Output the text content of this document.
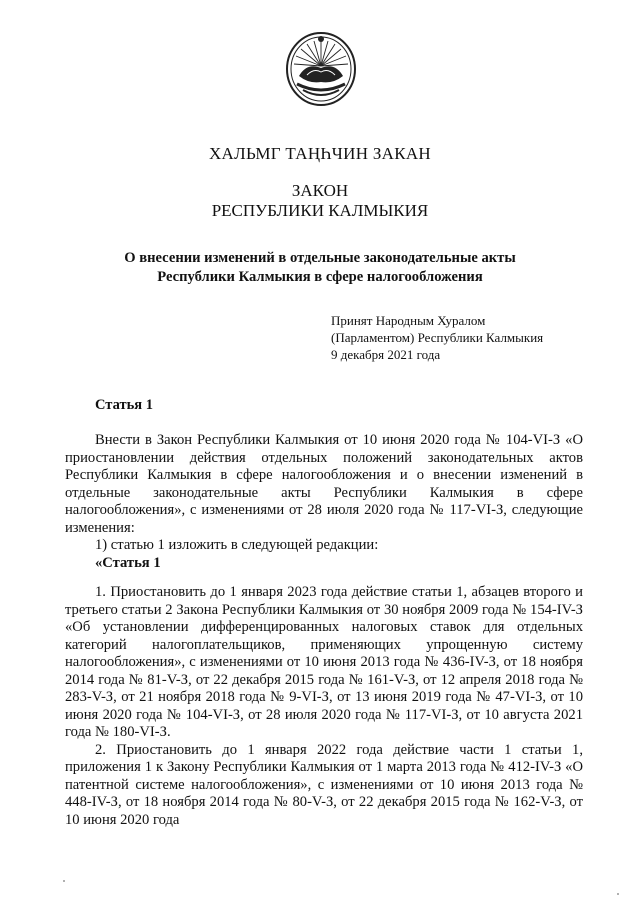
ХАЛЬМГ ТАҢҺЧИН ЗАКАН
ЗАКОН
РЕСПУБЛИКИ КАЛМЫКИЯ
О внесении изменений в отдельные законодательные акты
Республики Калмыкия в сфере налогообложения
Принят Народным Хуралом
(Парламентом) Республики Калмыкия
9 декабря 2021 года
Статья 1

Внести в Закон Республики Калмыкия от 10 июня 2020 года № 104-VI-З «О приостановлении действия отдельных положений законодательных актов Республики Калмыкия в сфере налогообложения и о внесении изменений в отдельные законодательные акты Республики Калмыкия в сфере налогообложения», с изменениями от 28 июля 2020 года № 117-VI-З, следующие изменения:

1) статью 1 изложить в следующей редакции:

«Статья 1

1. Приостановить до 1 января 2023 года действие статьи 1, абзацев второго и третьего статьи 2 Закона Республики Калмыкия от 30 ноября 2009 года № 154-IV-З «Об установлении дифференцированных налоговых ставок для отдельных категорий налогоплательщиков, применяющих упрощенную систему налогообложения», с изменениями от 10 июня 2013 года № 436-IV-З, от 18 ноября 2014 года № 81-V-З, от 22 декабря 2015 года № 161-V-З, от 12 апреля 2018 года № 283-V-З, от 21 ноября 2018 года № 9-VI-З, от 13 июня 2019 года № 47-VI-З, от 10 июня 2020 года № 104-VI-З, от 28 июля 2020 года № 117-VI-З, от 10 августа 2021 года № 180-VI-З.

2. Приостановить до 1 января 2022 года действие части 1 статьи 1, приложения 1 к Закону Республики Калмыкия от 1 марта 2013 года № 412-IV-З «О патентной системе налогообложения», с изменениями от 10 июня 2013 года № 448-IV-З, от 18 ноября 2014 года № 80-V-З, от 22 декабря 2015 года № 162-V-З, от 10 июня 2020 года
